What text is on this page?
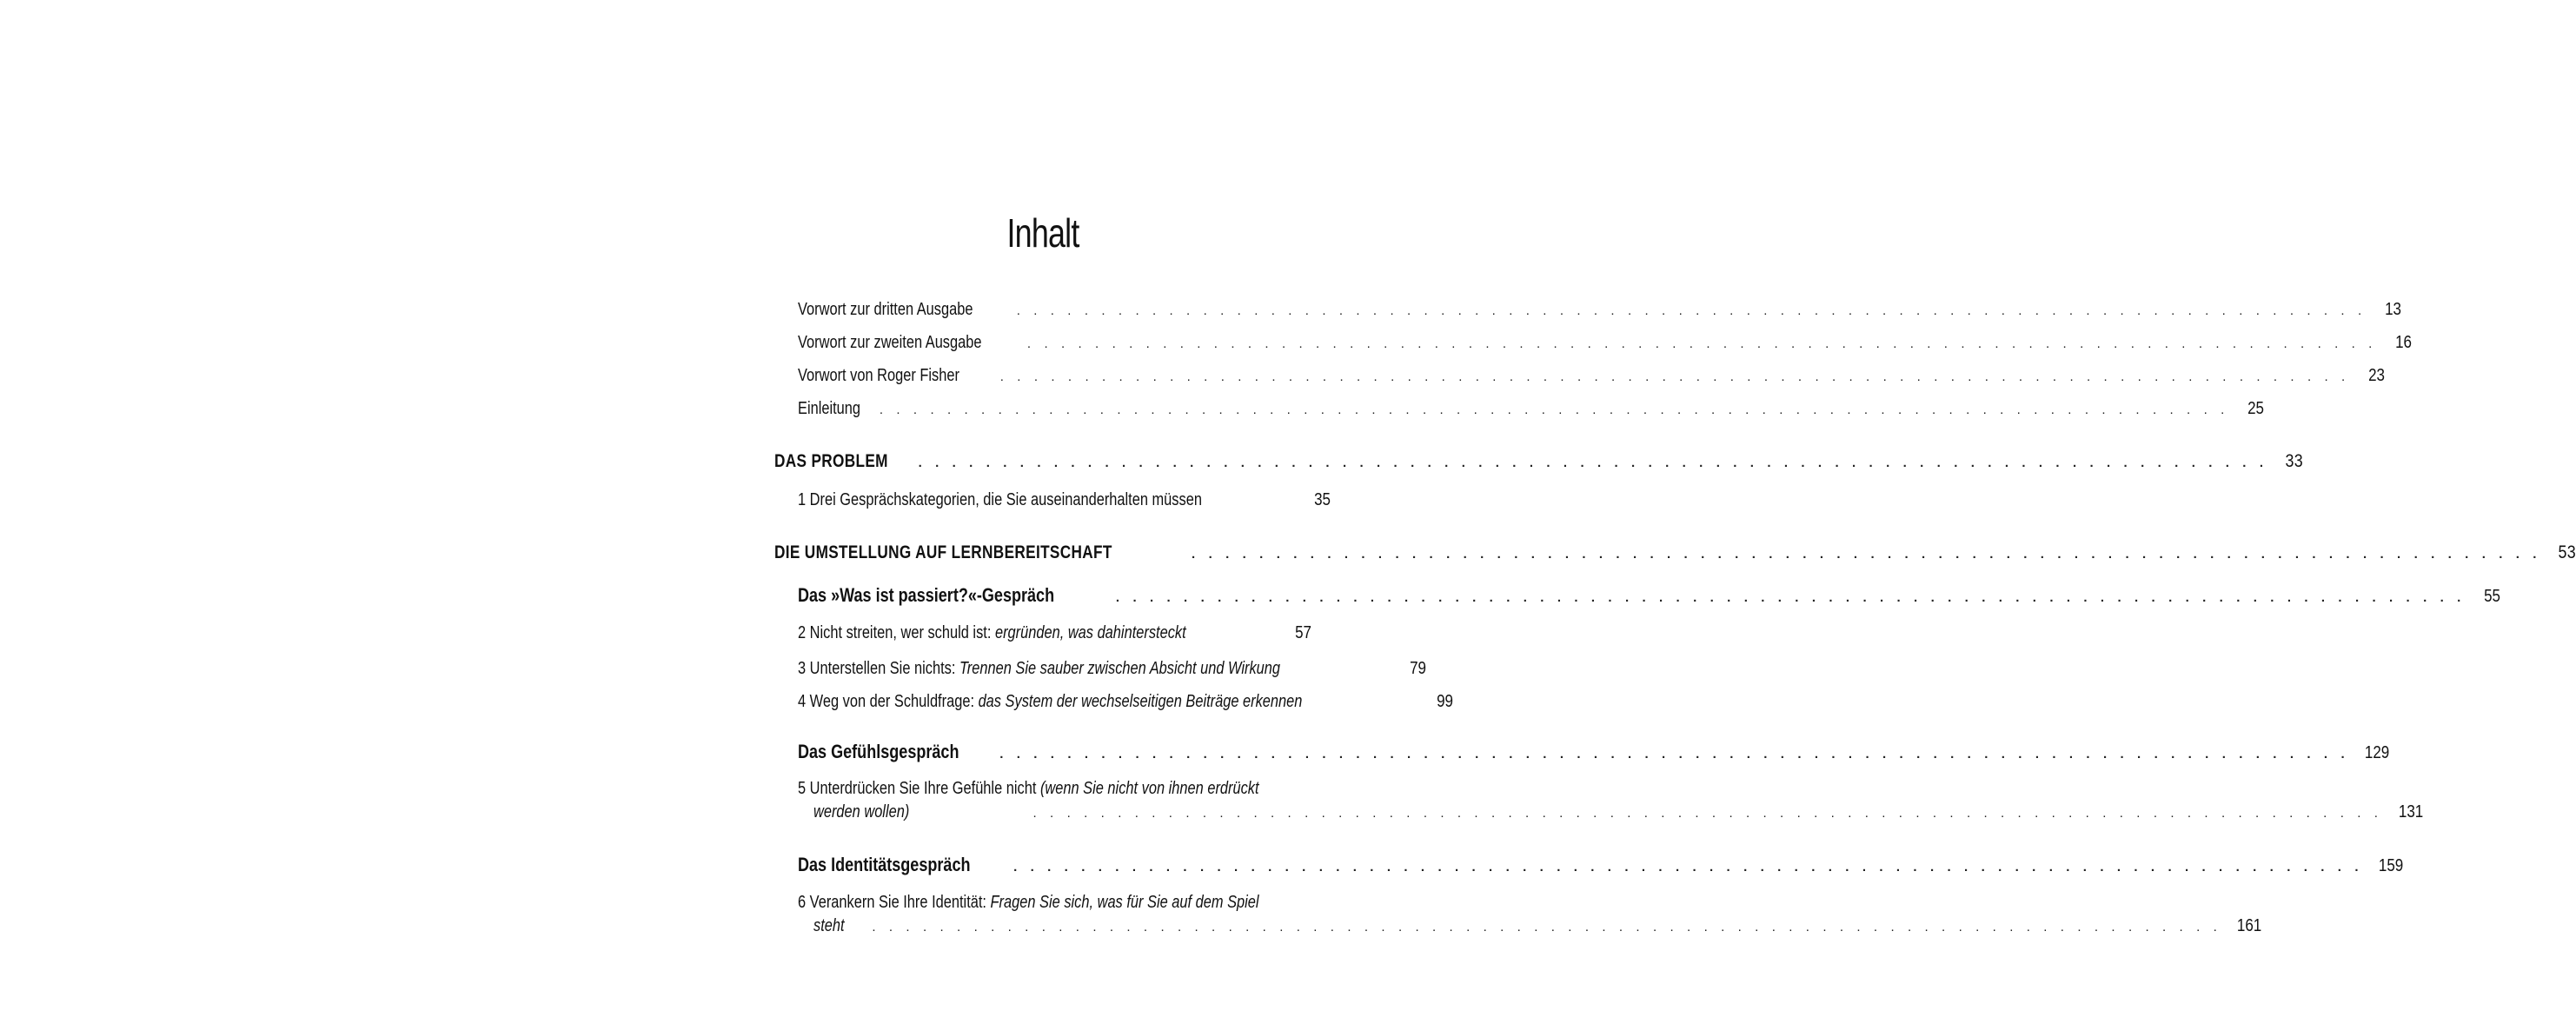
Inhalt
Vorwort zur dritten Ausgabe	. . . . . . . . . . . . . . . . . . . . . . . . . . . . . . . . . . . . . . . . . . . . . . . . . . . . . . . . . . . . . . . . . . . . . . . . . . . . . . . . 13
Vorwort zur zweiten Ausgabe	. . . . . . . . . . . . . . . . . . . . . . . . . . . . . . . . . . . . . . . . . . . . . . . . . . . . . . . . . . . . . . . . . . . . . . . . . . . . . . . . 16
Vorwort von Roger Fisher	. . . . . . . . . . . . . . . . . . . . . . . . . . . . . . . . . . . . . . . . . . . . . . . . . . . . . . . . . . . . . . . . . . . . . . . . . . . . . . . . 23
Einleitung . . . . . . . . . . . . . . . . . . . . . . . . . . . . . . . . . . . . . . . . . . . . . . . . . . . . . . . . . . . . . . . . . . . . . . . . . . . . . . . . 25
DAS PROBLEM . . . . . . . . . . . . . . . . . . . . . . . . . . . . . . . . . . . . . . . . . . . . . . . . . . . . . . . . . . . . . . . . . . . . . . . . . . . . . . . . 33
1 Drei Gesprächskategorien, die Sie auseinanderhalten müssen	35
DIE UMSTELLUNG AUF LERNBEREITSCHAFT	. . . . . . . . . . . . . . . . . . . . . . . . . . . . . . . . . . . . . . . . . . . . . . . . . . . . . . . . . . . . . . . . . . . . . . . . . . . . . . . . 53
Das »Was ist passiert?«-Gespräch	. . . . . . . . . . . . . . . . . . . . . . . . . . . . . . . . . . . . . . . . . . . . . . . . . . . . . . . . . . . . . . . . . . . . . . . . . . . . . . . . 55
2 Nicht streiten, wer schuld ist: ergründen, was dahintersteckt	57
3 Unterstellen Sie nichts: Trennen Sie sauber zwischen Absicht und Wirkung	79
4 Weg von der Schuldfrage: das System der wechselseitigen Beiträge erkennen	99
Das Gefühlsgespräch	. . . . . . . . . . . . . . . . . . . . . . . . . . . . . . . . . . . . . . . . . . . . . . . . . . . . . . . . . . . . . . . . . . . . . . . . . . . . . . . . 129
5 Unterdrücken Sie Ihre Gefühle nicht (wenn Sie nicht von ihnen erdrückt
werden wollen)	. . . . . . . . . . . . . . . . . . . . . . . . . . . . . . . . . . . . . . . . . . . . . . . . . . . . . . . . . . . . . . . . . . . . . . . . . . . . . . . . 131
Das Identitätsgespräch	. . . . . . . . . . . . . . . . . . . . . . . . . . . . . . . . . . . . . . . . . . . . . . . . . . . . . . . . . . . . . . . . . . . . . . . . . . . . . . . . 159
6 Verankern Sie Ihre Identität: Fragen Sie sich, was für Sie auf dem Spiel
steht . . . . . . . . . . . . . . . . . . . . . . . . . . . . . . . . . . . . . . . . . . . . . . . . . . . . . . . . . . . . . . . . . . . . . . . . . . . . . . . . 161
